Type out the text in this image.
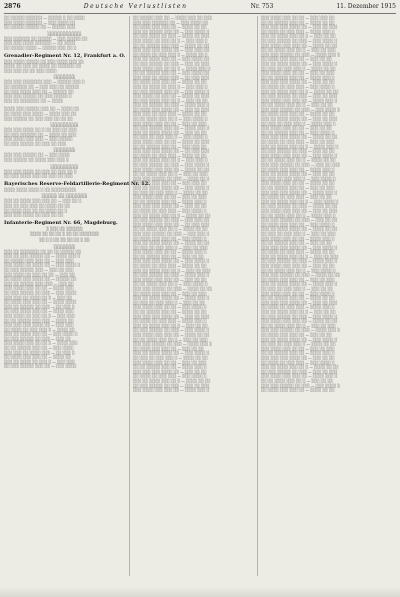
2876	Deutsche Verlustlisten	Nr. 753	11. Dezember 1915
░░ ░░░░░ ░░░░░░ — ░░░░░ ░ ░░ ░░░░
░░░ ░░░░ ░░░░░░ — ░░░ ░░░░ ░░
░░ ░░░░░ ░░░░░ ░░ — ░░░░░ ░░░
░░░░░░░░░░░
░░░ ░░░░░░ ░░ ░░░░░ — ░░░ ░░░░░ ░░
░░░ ░░░ ░░░░ ░░░░░░ — ░░ ░░░░
░░ ░░░░░ ░░░░ — ░░░░░ ░░░ ░░ ░
Grenadier-Regiment Nr. 12, Frankfurt a. O.
░░░ ░░░░ ░░░░░ ░░ ░░░ ░░░░ ░░░ ░░
░░░░ ░░ ░░░ ░░ ░░░░ ░░ ░░░░░░ ░░
░░░ ░░░ ░░ ░░ ░░░ ░░░░
░░░░░░░
░░░ ░░░ ░░░░░░░ ░░░ — ░░░░░ ░░░ ░
░░ ░░░░░░ ░░ — ░░░ ░░░ ░░ ░░░░░
░░ ░░░ ░░░░ ░░░ ░░ — ░░░░░ ░░
░░░ ░░░ ░░░░░ ░░ ░░░ ░░░░░ ░
░░░ ░░ ░░░░░░░ ░░ — ░░░░
░░░░ ░░░ ░░░░░ ░░░ ░░ — ░░░░ ░░
░░ ░░░░ ░░░ ░░░░ — ░░░░ ░░░ ░░
░░░ ░░░░░ ░░ ░░░ ░░░ ░░ ░░ ░░
░░░░░░░░░
░░░ ░░░ ░░░░ ░░ ░ ░░ ░░░ ░░ ░░░
░░ ░░░ ░░░░░░ ░░ — ░░░░ ░░ ░░░
░░░ ░░░░ ░░░ ░░░ — ░░░ ░░░░░
░░ ░░░ ░░░░░ ░░ ░░░ ░░ ░░░
░░░░░░░
░░░ ░░░ ░░░░░ ░░ — ░░░ ░░░░
░░░ ░░░░░ ░░ ░░░░ ░░░ ░░░ ░
░░░░░░░░░
░░░ ░░░ ░░░░ ░░ ░░░ ░░ ░░░ ░░ ░
░░ ░░░ ░░░░ ░░░ ░░ ░░░ ░░ ░░░
Bayerisches Reserve-Feldartillerie-Regiment Nr. 12.
░░░░ ░░░░ ░░░░ ░ ░░ ░░░░░░░░░
░░░░░ ░░ ░░░░░░░
░░░ ░░ ░░░░ ░░░ ░░░ ░░ — ░░░ ░░ ░
░░░ ░░ ░░░ ░░░ ░░ ░░░░ ░░ ░░
░░ ░░░░ ░░░ ░░ ░░ ░░░░ ░░ ░
░░░ ░░░ ░░░░ ░░ ░░░ ░░ ░░
Infanterie-Regiment Nr. 66, Magdeburg.
░ ░░░ ░░ ░░░░░░
░░░░ ░░ ░░ ░░ ░ ░░ ░░ ░░░░░░░
░░ ░ ░ ░░ ░░ ░░ ░░ ░ ░░
░░░░░░░
░░░ ░░ ░░░░░░░ ░░ ░░ ░░ ░░░░░ ░░
░░░ ░░ ░░░ ░░░░░ ░░ — ░░░░ ░░░ ░
░░ ░░░░░ ░░░ ░░░ ░░ — ░░░ ░░░
░░░ ░░░░ ░░ ░░░░ ░░ — ░░░ ░░░░ ░
░░ ░░░ ░░░░░ ░░░ — ░░░ ░░ ░░░
░░░ ░░░░ ░░ ░░░ ░░ ░░ — ░░░ ░░
░░ ░░░░ ░░░ ░░░░ ░░ — ░░░░░ ░░
░░░ ░░ ░░░░░ ░░░ ░░░ — ░░░ ░░
░░░ ░░░░ ░░░ ░░ ░░ — ░░░░ ░░░
░░ ░░░ ░░░░░ ░░ ░░░ — ░░░ ░░░░
░░░ ░░░ ░░ ░░░░ ░░ ░ — ░░░ ░░
░░ ░░░░ ░░░ ░░░ ░░ — ░░░░ ░░░░
░░░ ░░ ░░░░░ ░░ ░░░ — ░░ ░░░ ░
░░ ░░░ ░░░░ ░░░ ░░ — ░░░░ ░░░
░░░ ░░░░ ░░ ░░░ ░░ ░ — ░░░ ░░░
░░ ░░ ░░░░░ ░░░ ░░░ — ░░░░ ░░
░░░ ░░░ ░░░ ░░░░ ░░ — ░░░ ░░░
░░ ░░░░ ░░ ░░░ ░░░ ░ — ░░░░ ░░
░░░ ░░ ░░░░ ░░░ ░░ — ░░░ ░░░░ ░
░░ ░░░ ░░░░░ ░░ ░░░ — ░░░ ░░
░░░ ░░░░ ░░░ ░░ ░░ ░ — ░░░░ ░░░
░░ ░░ ░░░░░ ░░░ ░░ — ░░░ ░░░░
░░░ ░░░ ░░ ░░░░ ░░░ — ░░ ░░░ ░
░░ ░░░░ ░░░ ░░░ ░░ — ░░░░ ░░
░░░ ░░ ░░░░ ░░ ░░░ ░ — ░░░ ░░░
░░ ░░░ ░░░░░ ░░░ ░░ — ░░░ ░░░░
░░ ░░░░░ ░░░ ░░ — ░░░░ ░░░ ░░ ░░░
░░░ ░░░ ░░░░░░ ░░ — ░░░ ░░░░ ░░
░░ ░░░░ ░░░ ░░░ ░░ — ░░░░ ░░ ░░
░░░ ░░ ░░░░░ ░░░ ░░ — ░░░ ░░░░ ░
░░ ░░░ ░░░░ ░░ ░░░ — ░░░░ ░░ ░░░
░░░ ░░░░ ░░ ░░░ ░░ ░ — ░░░ ░░░ ░
░░ ░░ ░░░░░ ░░░ ░░░ — ░░░░ ░░ ░░
░░░ ░░░ ░░░ ░░░░ ░░ — ░░░ ░░░ ░░
░░ ░░░░ ░░ ░░░ ░░░ ░ — ░░░░ ░░ ░
░░░ ░░ ░░░░ ░░░ ░░ — ░░░ ░░░░ ░░
░░ ░░░ ░░░░░ ░░ ░░░ — ░░░ ░░ ░░░
░░░ ░░░░ ░░░ ░░ ░░ ░ — ░░░░ ░░░ ░
░░ ░░ ░░░░░ ░░░ ░░ — ░░░ ░░░░ ░░
░░░ ░░░ ░░ ░░░░ ░░░ — ░░ ░░░ ░░░
░░ ░░░░ ░░░ ░░░ ░░ — ░░░░ ░░ ░░
░░░ ░░ ░░░░ ░░ ░░░ ░ — ░░░ ░░░ ░
░░ ░░░ ░░░░░ ░░░ ░░ — ░░░ ░░░░ ░
░░░ ░░░░ ░░ ░░░ ░░ — ░░░░ ░░ ░░░
░░ ░░░ ░░░░ ░░░ ░░ ░ — ░░░ ░░ ░░
░░░ ░░ ░░░░░ ░░ ░░░ — ░░░░ ░░░ ░
░░ ░░░░ ░░░ ░░░░ ░░ — ░░░ ░░ ░░░
░░░ ░░░ ░░ ░░░ ░░░ — ░░░░ ░░ ░░
░░ ░░ ░░░░ ░░░ ░░ ░ — ░░░ ░░░░ ░
░░░ ░░░░ ░░░ ░░ ░░ — ░░░ ░░ ░░░
░░ ░░░ ░░░░░ ░░░ ░░ — ░░░░ ░░░ ░
░░░ ░░ ░░░░ ░░░░ ░░ — ░░░ ░░ ░░
░░ ░░░ ░░ ░░░ ░░░ ░ — ░░░ ░░░░ ░
░░░ ░░░░ ░░░ ░░ ░░ — ░░░░ ░░ ░░░
░░ ░░ ░░░░░ ░░░ ░░ — ░░░ ░░░ ░░
░░░ ░░░ ░░░ ░░░░ ░░ — ░░ ░░░ ░░░
░░ ░░░░ ░░ ░░░ ░░░ — ░░░░ ░░ ░░
░░░ ░░ ░░░░ ░░░ ░░ ░ — ░░░ ░░░ ░
░░ ░░░ ░░░░░ ░░ ░░░ — ░░░ ░░░░ ░
░░░ ░░░░ ░░░ ░░░ ░░ — ░░░░ ░░ ░░
░░ ░░ ░░░░ ░░░ ░░ ░ — ░░░ ░░ ░░░
░░░ ░░░ ░░░░░ ░░ ░░░ — ░░░░ ░░ ░
░░ ░░░░ ░░░ ░░░ ░░ — ░░░ ░░░ ░░
░░░ ░░ ░░░░ ░░░░ ░░ — ░░░ ░░░░ ░
░░ ░░░ ░░ ░░░ ░░░ ░ — ░░░░ ░░ ░░
░░░ ░░░░ ░░░ ░░ ░░ — ░░░ ░░ ░░░
░░ ░░ ░░░░░ ░░░ ░░ — ░░░░ ░░░ ░
░░░ ░░░ ░░░ ░░░░ ░░ — ░░░ ░░ ░░
░░ ░░░░ ░░ ░░░ ░░░ — ░░░ ░░░░ ░
░░░ ░░ ░░░░ ░░░ ░░ ░ — ░░░░ ░░ ░░
░░ ░░░ ░░░░░ ░░ ░░░ — ░░░ ░░░ ░░
░░░ ░░░░ ░░░ ░░░ ░░ — ░░ ░░░ ░░░
░░ ░░ ░░░░ ░░░ ░░ ░ — ░░░░ ░░ ░░
░░░ ░░░ ░░░░░ ░░ ░░░ — ░░░ ░░░ ░
░░ ░░░░ ░░░ ░░░ ░░ — ░░░ ░░░░ ░
░░░ ░░ ░░░░ ░░░░ ░░ — ░░░░ ░░ ░░
░░ ░░░ ░░ ░░░ ░░░ ░ — ░░░ ░░ ░░░
░░░ ░░░░ ░░░ ░░ ░░ — ░░░░ ░░░ ░
░░ ░░ ░░░░░ ░░░ ░░ — ░░░ ░░ ░░
░░░ ░░░ ░░░ ░░░░ ░░ — ░░░ ░░░░ ░
░░ ░░░░ ░░ ░░░ ░░░ — ░░░░ ░░ ░░
░░░ ░░ ░░░░ ░░░ ░░ ░ — ░░░ ░░ ░░░
░░ ░░░ ░░░░░ ░░ ░░░ — ░░░░ ░░░ ░
░░░ ░░░░ ░░░ ░░░ ░░ — ░░░ ░░ ░░
░░ ░░ ░░░░ ░░░ ░░ ░ — ░░░ ░░░░ ░
░░░ ░░░ ░░░░░ ░░ ░░░ — ░░░░ ░░ ░░
░░ ░░░░ ░░░ ░░░ ░░ — ░░░ ░░ ░░░
░░░ ░░ ░░░░ ░░░░ ░░ — ░░░░ ░░░ ░
░░ ░░░ ░░ ░░░ ░░░ ░ — ░░░ ░░ ░░
░░░ ░░░░ ░░░ ░░ ░░ — ░░░ ░░░░ ░
░░ ░░ ░░░░░ ░░░ ░░ — ░░░░ ░░ ░░
░░░ ░░░ ░░░ ░░░░ ░░ — ░░░ ░░ ░░░
░░ ░░░░ ░░ ░░░ ░░░ — ░░░░ ░░░ ░
░░░ ░░ ░░░░ ░░░ ░░ ░ — ░░░ ░░ ░░
░░ ░░░ ░░░░░ ░░ ░░░ — ░░░ ░░░░ ░
░░░ ░░░░ ░░░ ░░░ ░░ — ░░░░ ░░ ░░
░░ ░░ ░░░░ ░░░ ░░ ░ — ░░░ ░░ ░░░
░░░ ░░░ ░░░░░ ░░ ░░░ — ░░░░ ░░░ ░
░░ ░░░░ ░░░ ░░░ ░░ — ░░░ ░░ ░░
░░░ ░░ ░░░░ ░░░░ ░░ — ░░░ ░░░░ ░
░░ ░░░ ░░ ░░░ ░░░ ░ — ░░░░ ░░ ░░
░░░ ░░░░ ░░░ ░░ ░░ — ░░░ ░░ ░░░
░░ ░░ ░░░░░ ░░░ ░░ — ░░░░ ░░░ ░
░░░ ░░░ ░░░ ░░░░ ░░ — ░░░ ░░ ░░
░░ ░░░░ ░░ ░░░ ░░░ — ░░░ ░░░░ ░
░░░ ░░ ░░░░ ░░░ ░░ ░ — ░░░░ ░░ ░░
░░ ░░░ ░░░░░ ░░ ░░░ — ░░░ ░░ ░░░
░░░ ░░░░ ░░░ ░░░ ░░ — ░░░░ ░░░ ░
░░░ ░░░░ ░░░ ░░ ░░ — ░░░ ░░░ ░░
░░ ░░ ░░░░░ ░░░ ░░ — ░░░░ ░░ ░░
░░░ ░░░ ░░░ ░░░░ ░░ — ░░░ ░░ ░░░
░░ ░░░░ ░░ ░░░ ░░░ — ░░░░ ░░░ ░
░░░ ░░ ░░░░ ░░░ ░░ ░ — ░░░ ░░ ░░
░░ ░░░ ░░░░░ ░░ ░░░ — ░░░ ░░░░ ░
░░░ ░░░░ ░░░ ░░░ ░░ — ░░░░ ░░ ░░
░░ ░░ ░░░░ ░░░ ░░ ░ — ░░░ ░░ ░░░
░░░ ░░░ ░░░░░ ░░ ░░░ — ░░░░ ░░░ ░
░░ ░░░░ ░░░ ░░░ ░░ — ░░░ ░░ ░░
░░░ ░░ ░░░░ ░░░░ ░░ — ░░░ ░░░░ ░
░░ ░░░ ░░ ░░░ ░░░ ░ — ░░░░ ░░ ░░
░░░ ░░░░ ░░░ ░░ ░░ — ░░░ ░░ ░░░
░░ ░░ ░░░░░ ░░░ ░░ — ░░░░ ░░░ ░
░░░ ░░░ ░░░ ░░░░ ░░ — ░░░ ░░ ░░
░░ ░░░░ ░░ ░░░ ░░░ — ░░░ ░░░░ ░
░░░ ░░ ░░░░ ░░░ ░░ ░ — ░░░░ ░░ ░░
░░ ░░░ ░░░░░ ░░ ░░░ — ░░░ ░░ ░░░
░░░ ░░░░ ░░░ ░░░ ░░ — ░░░░ ░░░ ░
░░ ░░ ░░░░ ░░░ ░░ ░ — ░░░ ░░ ░░
░░░ ░░░ ░░░░░ ░░ ░░░ — ░░░ ░░░░ ░
░░ ░░░░ ░░░ ░░░ ░░ — ░░░░ ░░ ░░
░░░ ░░ ░░░░ ░░░░ ░░ — ░░░ ░░ ░░░
░░ ░░░ ░░ ░░░ ░░░ ░ — ░░░░ ░░░ ░
░░░ ░░░░ ░░░ ░░ ░░ — ░░░ ░░ ░░
░░ ░░ ░░░░░ ░░░ ░░ — ░░░ ░░░░ ░
░░░ ░░░ ░░░ ░░░░ ░░ — ░░░░ ░░ ░░
░░ ░░░░ ░░ ░░░ ░░░ — ░░░ ░░ ░░░
░░░ ░░ ░░░░ ░░░ ░░ ░ — ░░░░ ░░░ ░
░░ ░░░ ░░░░░ ░░ ░░░ — ░░░ ░░ ░░
░░░ ░░░░ ░░░ ░░░ ░░ — ░░░ ░░░░ ░
░░ ░░ ░░░░ ░░░ ░░ ░ — ░░░░ ░░ ░░
░░░ ░░░ ░░░░░ ░░ ░░░ — ░░░ ░░ ░░░
░░ ░░░░ ░░░ ░░░ ░░ — ░░░░ ░░░ ░
░░░ ░░ ░░░░ ░░░░ ░░ — ░░░ ░░ ░░
░░ ░░░ ░░ ░░░ ░░░ ░ — ░░░ ░░░░ ░
░░░ ░░░░ ░░░ ░░ ░░ — ░░░░ ░░ ░░
░░ ░░ ░░░░░ ░░░ ░░ — ░░░ ░░ ░░░
░░░ ░░░ ░░░ ░░░░ ░░ — ░░░░ ░░░ ░
░░ ░░░░ ░░ ░░░ ░░░ — ░░░ ░░ ░░
░░░ ░░ ░░░░ ░░░ ░░ ░ — ░░░ ░░░░ ░
░░ ░░░ ░░░░░ ░░ ░░░ — ░░░░ ░░ ░░
░░░ ░░░░ ░░░ ░░░ ░░ — ░░░ ░░ ░░░
░░ ░░ ░░░░ ░░░ ░░ ░ — ░░░░ ░░░ ░
░░░ ░░░ ░░░░░ ░░ ░░░ — ░░░ ░░ ░░
░░ ░░░░ ░░░ ░░░ ░░ — ░░░ ░░░░ ░
░░░ ░░ ░░░░ ░░░░ ░░ — ░░░░ ░░ ░░
░░ ░░░ ░░ ░░░ ░░░ ░ — ░░░ ░░ ░░░
░░░ ░░░░ ░░░ ░░ ░░ — ░░░░ ░░░ ░
░░ ░░ ░░░░░ ░░░ ░░ — ░░░ ░░ ░░
░░░ ░░░ ░░░ ░░░░ ░░ — ░░░ ░░░░ ░
░░ ░░░░ ░░ ░░░ ░░░ — ░░░░ ░░ ░░
░░░ ░░ ░░░░ ░░░ ░░ ░ — ░░░ ░░ ░░░
░░ ░░░ ░░░░░ ░░ ░░░ — ░░░░ ░░░ ░
░░░ ░░░░ ░░░ ░░░ ░░ — ░░░ ░░ ░░
░░ ░░ ░░░░ ░░░ ░░ ░ — ░░░ ░░░░ ░
░░░ ░░░ ░░░░░ ░░ ░░░ — ░░░░ ░░ ░░
░░ ░░░░ ░░░ ░░░ ░░ — ░░░ ░░ ░░░
░░░ ░░ ░░░░ ░░░░ ░░ — ░░░░ ░░░ ░
░░ ░░░ ░░ ░░░ ░░░ ░ — ░░░ ░░ ░░
░░░ ░░░░ ░░░ ░░ ░░ — ░░░ ░░░░ ░
░░ ░░ ░░░░░ ░░░ ░░ — ░░░░ ░░ ░░
░░░ ░░░ ░░░ ░░░░ ░░ — ░░░ ░░ ░░░
░░ ░░░░ ░░ ░░░ ░░░ — ░░░░ ░░░ ░
░░░ ░░ ░░░░ ░░░ ░░ ░ — ░░░ ░░ ░░
░░ ░░░ ░░░░░ ░░ ░░░ — ░░░ ░░░░ ░
░░░ ░░░░ ░░░ ░░░ ░░ — ░░░░ ░░ ░░
░░ ░░ ░░░░ ░░░ ░░ ░ — ░░░ ░░ ░░░
░░░ ░░░ ░░░░░ ░░ ░░░ — ░░░░ ░░░ ░
░░ ░░░░ ░░░ ░░░ ░░ — ░░░ ░░ ░░
░░░ ░░ ░░░░ ░░░░ ░░ — ░░░ ░░░░ ░
░░ ░░░ ░░ ░░░ ░░░ ░ — ░░░░ ░░ ░░
░░░ ░░░░ ░░░ ░░ ░░ — ░░░ ░░ ░░░
░░ ░░ ░░░░░ ░░░ ░░ — ░░░░ ░░░ ░
░░░ ░░░ ░░░ ░░░░ ░░ — ░░░ ░░ ░░
░░ ░░░░ ░░ ░░░ ░░░ — ░░░ ░░░░ ░
░░░ ░░ ░░░░ ░░░ ░░ ░ — ░░░░ ░░ ░░
░░ ░░░ ░░░░░ ░░ ░░░ — ░░░ ░░ ░░░
░░░ ░░░░ ░░░ ░░░ ░░ — ░░░░ ░░░ ░
░░ ░░ ░░░░ ░░░ ░░ ░ — ░░░ ░░ ░░
░░░ ░░░ ░░░░░ ░░ ░░░ — ░░░ ░░░░ ░
░░ ░░░░ ░░░ ░░░ ░░ — ░░░░ ░░ ░░
